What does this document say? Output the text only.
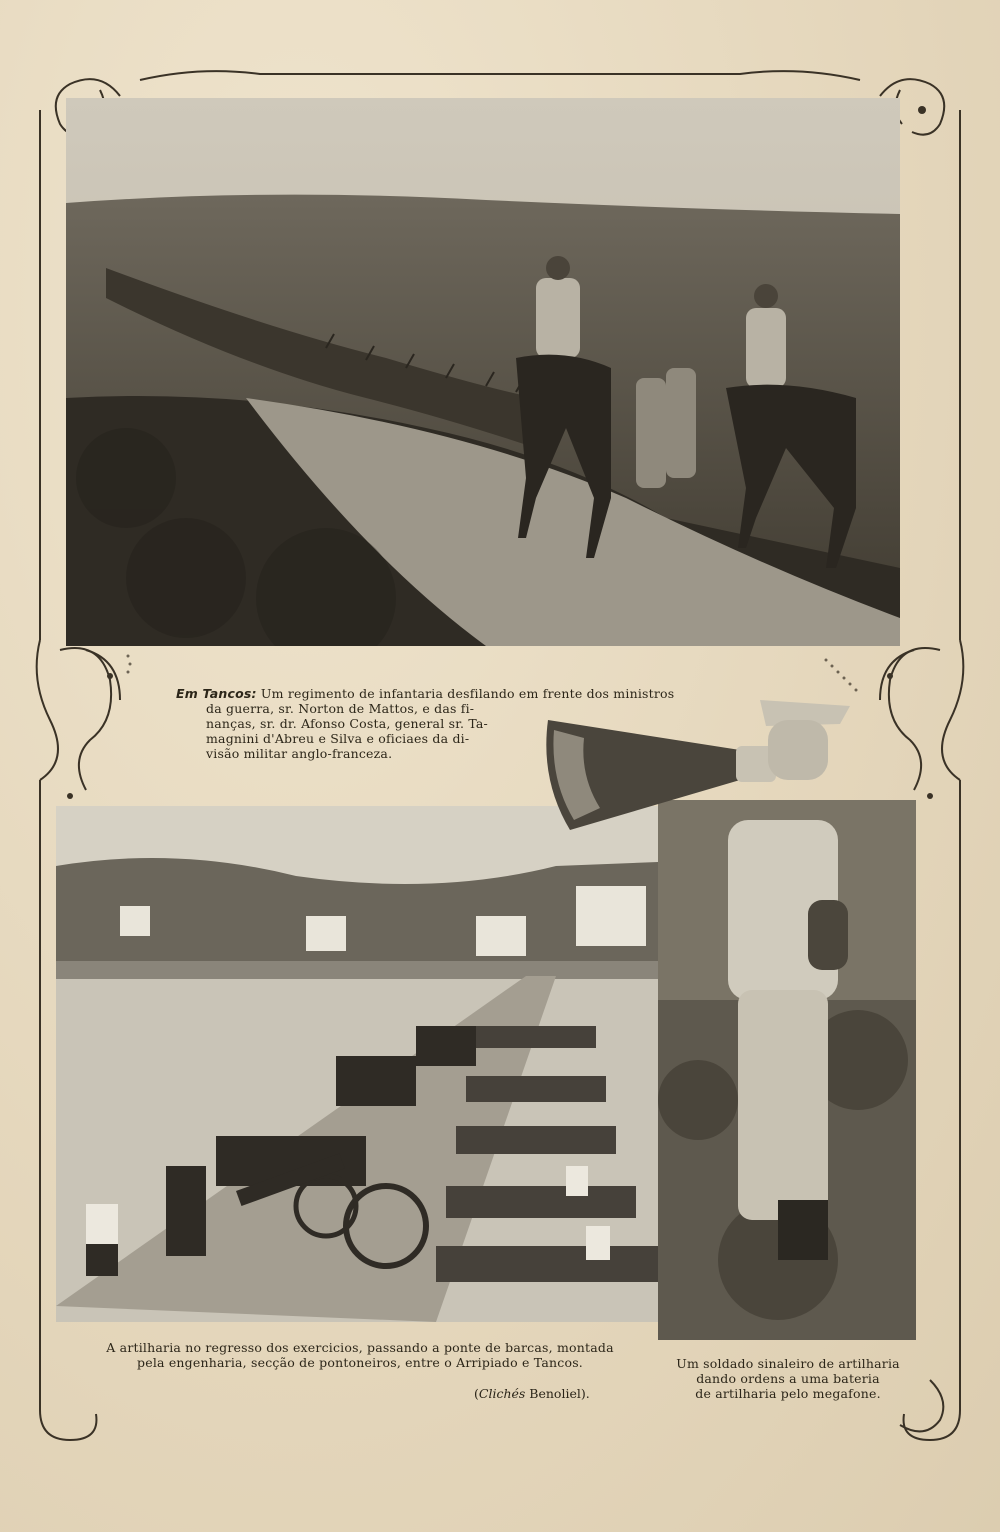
Em Tancos: Um regimento de infantaria desfilando em frente dos ministros
da guerra, sr. Norton de Mattos, e das fi-
nanças, sr. dr. Afonso Costa, general sr. Ta-
magnini d'Abreu e Silva e oficiaes da di-
visão militar anglo-franceza.
A artilharia no regresso dos exercicios, passando a ponte de barcas, montada
pela engenharia, secção de pontoneiros, entre o Arripiado e Tancos.
(Clichés Benoliel).
Um soldado sinaleiro de artilharia
dando ordens a uma bateria
de artilharia pelo megafone.
